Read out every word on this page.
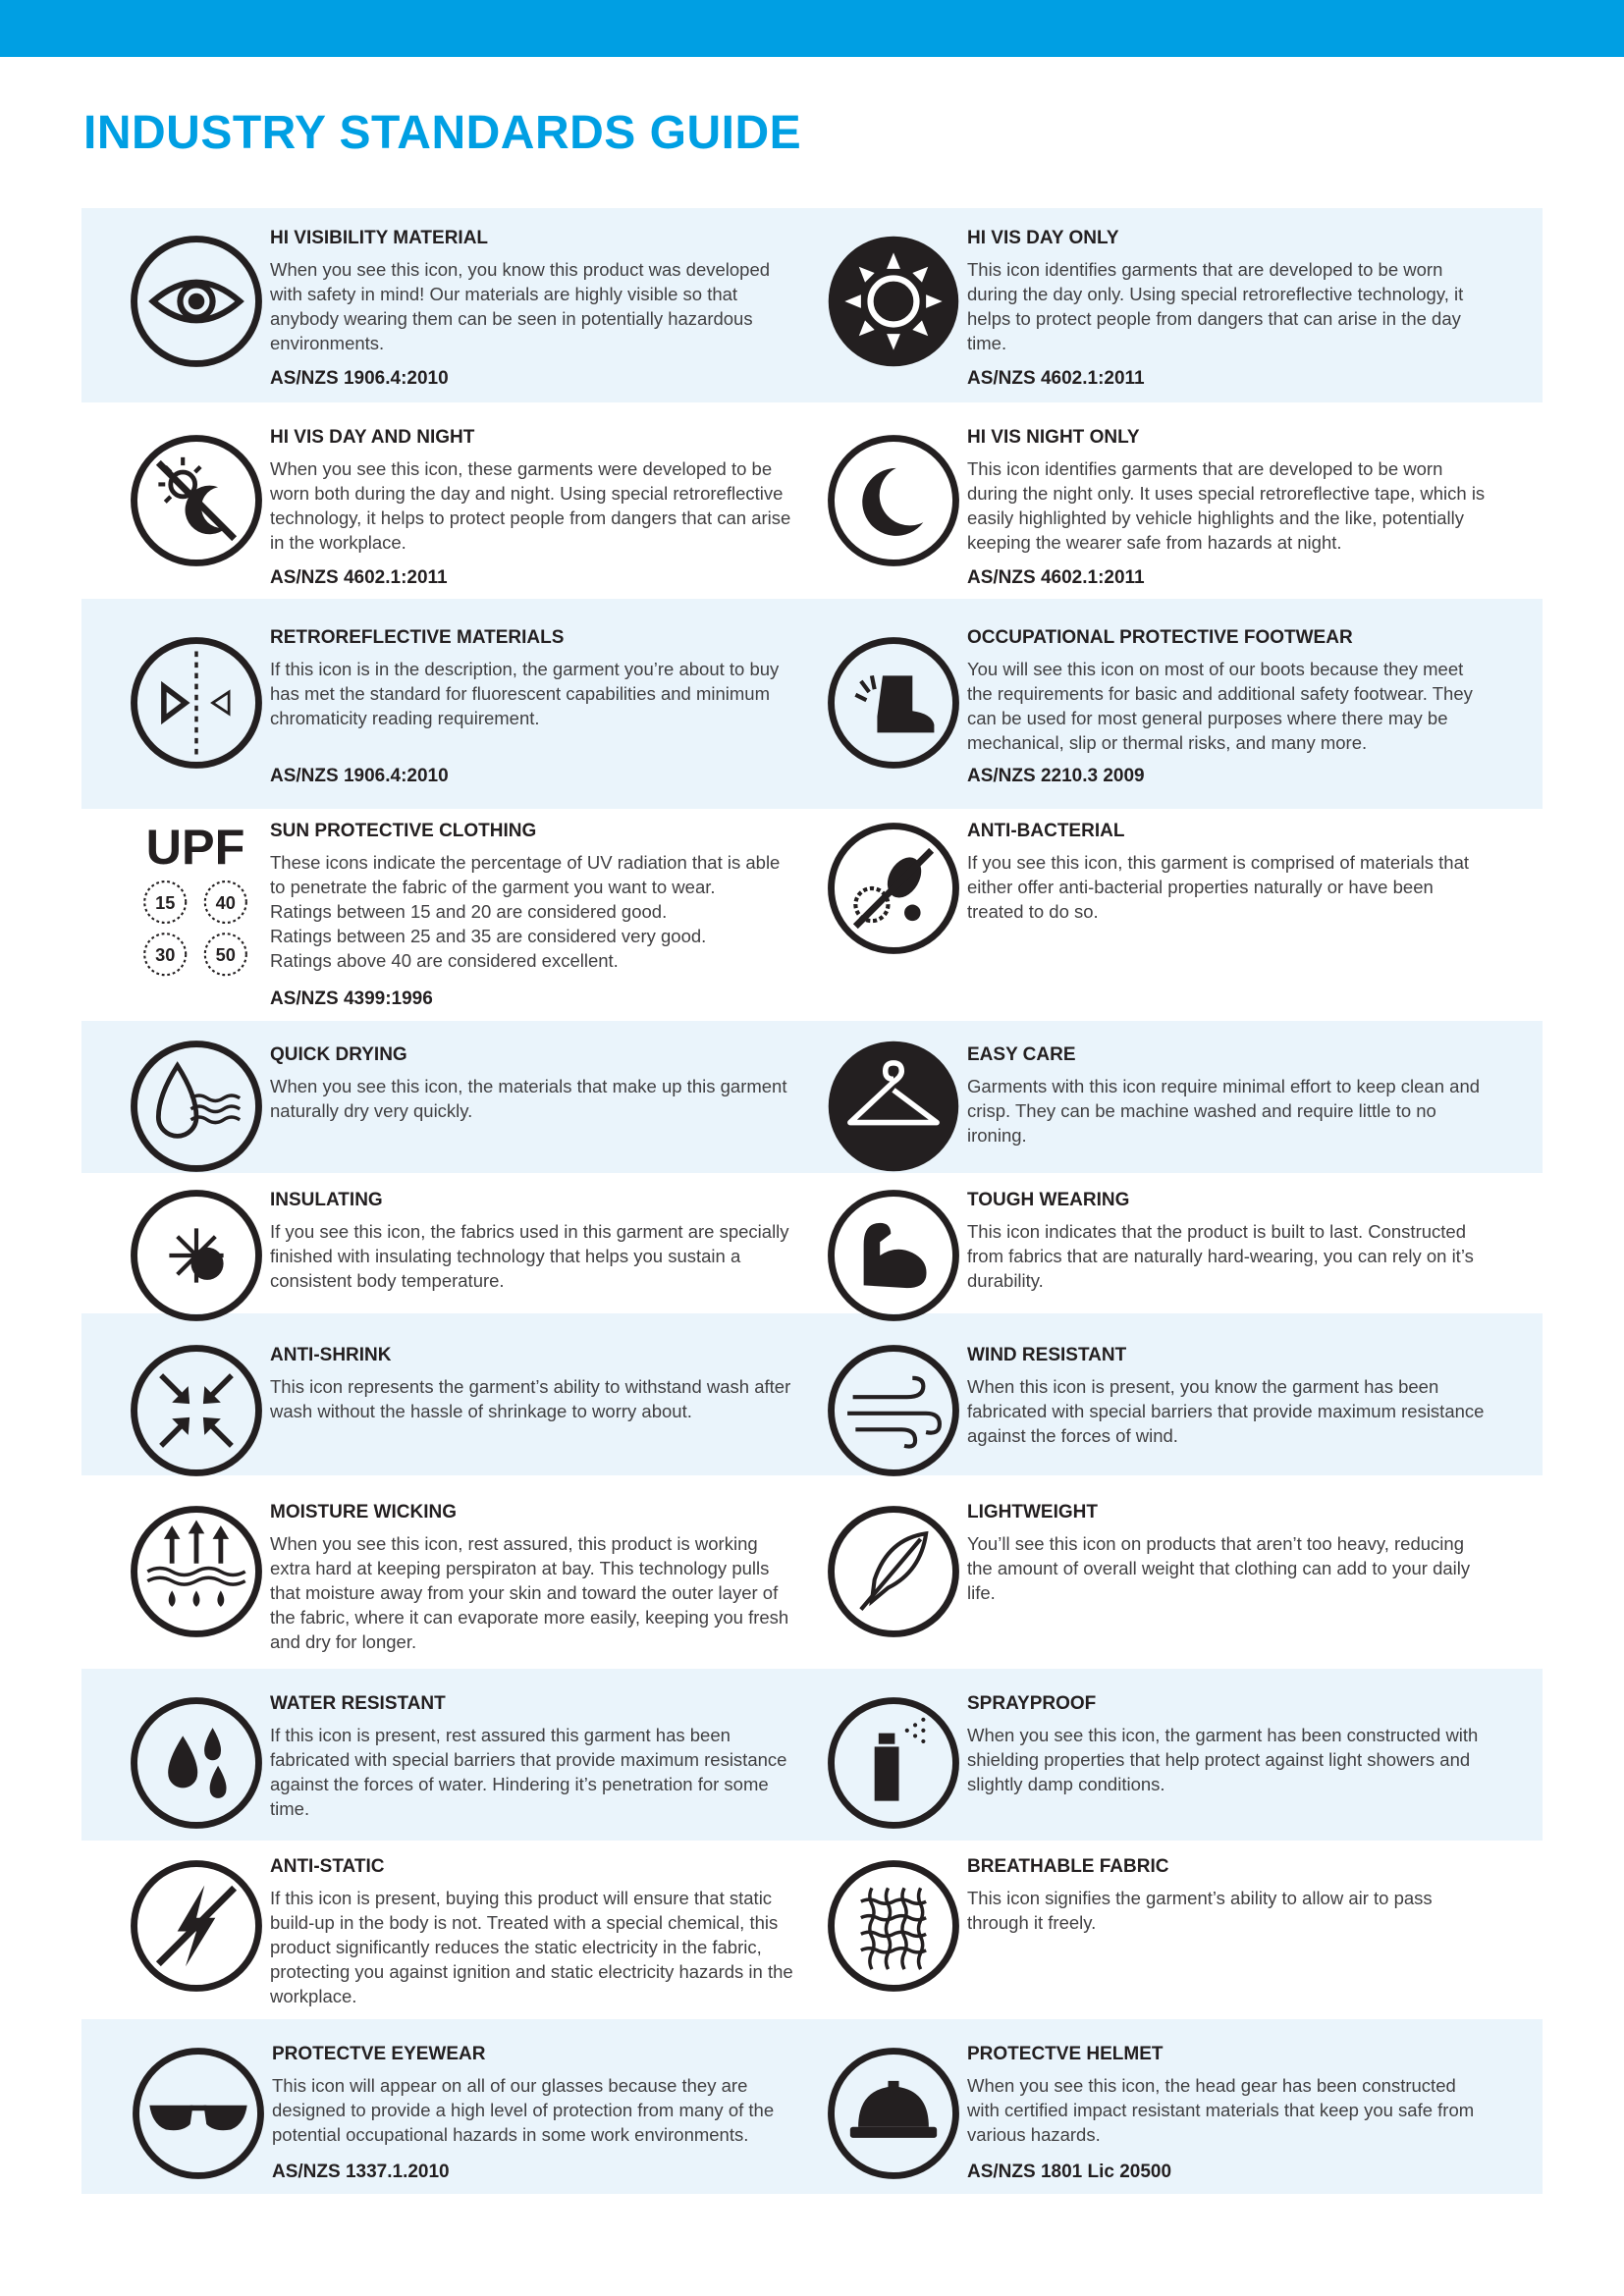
INDUSTRY STANDARDS GUIDE
HI VISIBILITY MATERIAL

When you see this icon, you know this product was developed with safety in mind! Our materials are highly visible so that anybody wearing them can be seen in potentially hazardous environments.

AS/NZS 1906.4:2010
HI VIS DAY ONLY

This icon identifies garments that are developed to be worn during the day only. Using special retroreflective technology, it helps to protect people from dangers that can arise in the day time.

AS/NZS 4602.1:2011
HI VIS DAY AND NIGHT

When you see this icon, these garments were developed to be worn both during the day and night. Using special retroreflective technology, it helps to protect people from dangers that can arise in the workplace.

AS/NZS 4602.1:2011
HI VIS NIGHT ONLY

This icon identifies garments that are developed to be worn during the night only. It uses special retroreflective tape, which is easily highlighted by vehicle highlights and the like, potentially keeping the wearer safe from hazards at night.

AS/NZS 4602.1:2011
RETROREFLECTIVE MATERIALS

If this icon is in the description, the garment you’re about to buy has met the standard for fluorescent capabilities and minimum chromaticity reading requirement.

AS/NZS 1906.4:2010
OCCUPATIONAL PROTECTIVE FOOTWEAR

You will see this icon on most of our boots because they meet the requirements for basic and additional safety footwear. They can be used for most general purposes where there may be mechanical, slip or thermal risks, and many more.

AS/NZS 2210.3 2009
UPF
15	40
30	50
SUN PROTECTIVE CLOTHING

These icons indicate the percentage of UV radiation that is able to penetrate the fabric of the garment you want to wear.

Ratings between 15 and 20 are considered good.

Ratings between 25 and 35 are considered very good.

Ratings above 40 are considered excellent.

AS/NZS 4399:1996
ANTI-BACTERIAL

If you see this icon, this garment is comprised of materials that either offer anti-bacterial properties naturally or have been treated to do so.

QUICK DRYING

When you see this icon, the materials that make up this garment naturally dry very quickly.

EASY CARE

Garments with this icon require minimal effort to keep clean and crisp. They can be machine washed and require little to no ironing.

INSULATING

If you see this icon, the fabrics used in this garment are specially finished with insulating technology that helps you sustain a consistent body temperature.

TOUGH WEARING

This icon indicates that the product is built to last. Constructed from fabrics that are naturally hard-wearing, you can rely on it’s durability.

ANTI-SHRINK

This icon represents the garment’s ability to withstand wash after wash without the hassle of shrinkage to worry about.

WIND RESISTANT

When this icon is present, you know the garment has been fabricated with special barriers that provide maximum resistance against the forces of wind.

MOISTURE WICKING

When you see this icon, rest assured, this product is working extra hard at keeping perspiraton at bay. This technology pulls that moisture away from your skin and toward the outer layer of the fabric, where it can evaporate more easily, keeping you fresh and dry for longer.

LIGHTWEIGHT

You’ll see this icon on products that aren’t too heavy, reducing the amount of overall weight that clothing can add to your daily life.

WATER RESISTANT

If this icon is present, rest assured this garment has been fabricated with special barriers that provide maximum resistance against the forces of water. Hindering it’s penetration for some time.

SPRAYPROOF

When you see this icon, the garment has been constructed with shielding properties that help protect against light showers and slightly damp conditions.

ANTI-STATIC

If this icon is present, buying this product will ensure that static build-up in the body is not. Treated with a special chemical, this product significantly reduces the static electricity in the fabric, protecting you against ignition and static electricity hazards in the workplace.

BREATHABLE FABRIC

This icon signifies the garment’s ability to allow air to pass through it freely.

PROTECTVE EYEWEAR

This icon will appear on all of our glasses because they are designed to provide a high level of protection from many of the potential occupational hazards in some work environments.

AS/NZS 1337.1.2010
PROTECTVE HELMET

When you see this icon, the head gear has been constructed with certified impact resistant materials that keep you safe from various hazards.

AS/NZS 1801 Lic 20500
